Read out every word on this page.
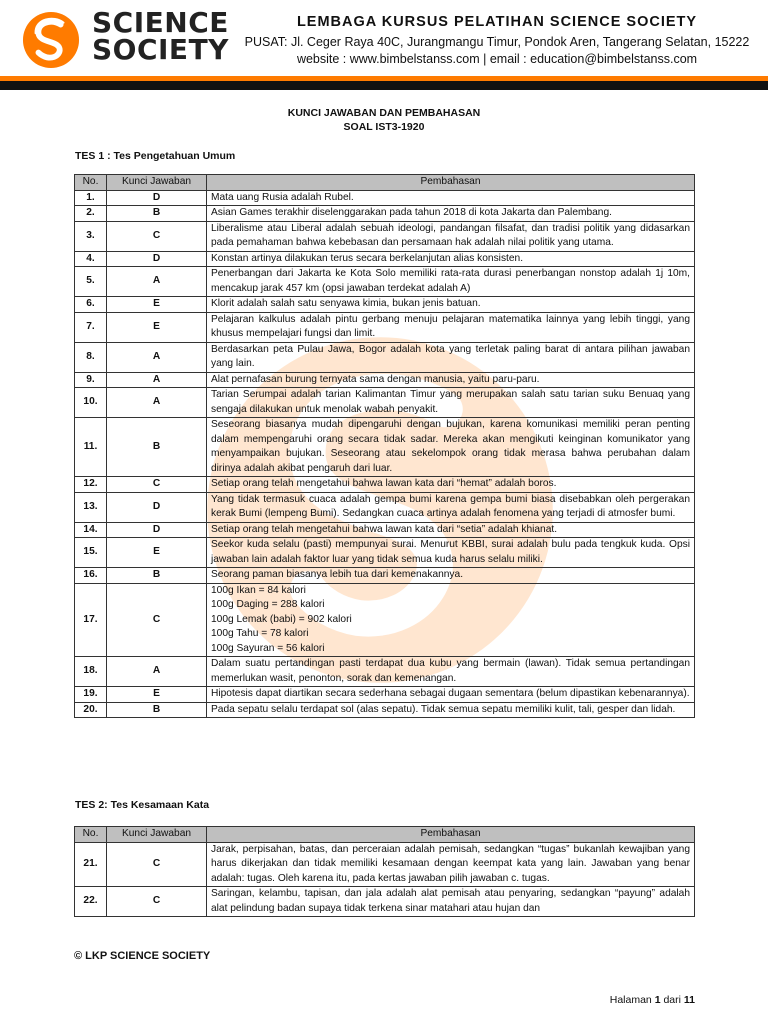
SCIENCE
SOCIETY
LEMBAGA KURSUS PELATIHAN SCIENCE SOCIETY
PUSAT: Jl. Ceger Raya 40C, Jurangmangu Timur, Pondok Aren, Tangerang Selatan, 15222
website : www.bimbelstanss.com | email : education@bimbelstanss.com
KUNCI JAWABAN DAN PEMBAHASAN
SOAL IST3-1920
TES 1 : Tes Pengetahuan Umum
No.	Kunci Jawaban	Pembahasan
1.	D	Mata uang Rusia adalah Rubel.
2.	B	Asian Games terakhir diselenggarakan pada tahun 2018 di kota Jakarta dan Palembang.
3.	C	Liberalisme atau Liberal adalah sebuah ideologi, pandangan filsafat, dan tradisi politik yang didasarkan pada pemahaman bahwa kebebasan dan persamaan hak adalah nilai politik yang utama.
4.	D	Konstan artinya dilakukan terus secara berkelanjutan alias konsisten.
5.	A	Penerbangan dari Jakarta ke Kota Solo memiliki rata-rata durasi penerbangan nonstop adalah 1j 10m, mencakup jarak 457 km (opsi jawaban terdekat adalah A)
6.	E	Klorit adalah salah satu senyawa kimia, bukan jenis batuan.
7.	E	Pelajaran kalkulus adalah pintu gerbang menuju pelajaran matematika lainnya yang lebih tinggi, yang khusus mempelajari fungsi dan limit.
8.	A	Berdasarkan peta Pulau Jawa, Bogor adalah kota yang terletak paling barat di antara pilihan jawaban yang lain.
9.	A	Alat pernafasan burung ternyata sama dengan manusia, yaitu paru-paru.
10.	A	Tarian Serumpai adalah tarian Kalimantan Timur yang merupakan salah satu tarian suku Benuaq yang sengaja dilakukan untuk menolak wabah penyakit.
11.	B	Seseorang biasanya mudah dipengaruhi dengan bujukan, karena komunikasi memiliki peran penting dalam mempengaruhi orang secara tidak sadar. Mereka akan mengikuti keinginan komunikator yang menyampaikan bujukan. Seseorang atau sekelompok orang tidak merasa bahwa perubahan dalam dirinya adalah akibat pengaruh dari luar.
12.	C	Setiap orang telah mengetahui bahwa lawan kata dari “hemat” adalah boros.
13.	D	Yang tidak termasuk cuaca adalah gempa bumi karena gempa bumi biasa disebabkan oleh pergerakan kerak Bumi (lempeng Bumi). Sedangkan cuaca artinya adalah fenomena yang terjadi di atmosfer bumi.
14.	D	Setiap orang telah mengetahui bahwa lawan kata dari “setia” adalah khianat.
15.	E	Seekor kuda selalu (pasti) mempunyai surai. Menurut KBBI, surai adalah bulu pada tengkuk kuda. Opsi jawaban lain adalah faktor luar yang tidak semua kuda harus selalu miliki.
16.	B	Seorang paman biasanya lebih tua dari kemenakannya.
17.	C	100g Ikan = 84 kalori
100g Daging = 288 kalori
100g Lemak (babi) = 902 kalori
100g Tahu = 78 kalori
100g Sayuran = 56 kalori

18.	A	Dalam suatu pertandingan pasti terdapat dua kubu yang bermain (lawan). Tidak semua pertandingan memerlukan wasit, penonton, sorak dan kemenangan.
19.	E	Hipotesis dapat diartikan secara sederhana sebagai dugaan sementara (belum dipastikan kebenarannya).
20.	B	Pada sepatu selalu terdapat sol (alas sepatu). Tidak semua sepatu memiliki kulit, tali, gesper dan lidah.
TES 2: Tes Kesamaan Kata
No.	Kunci Jawaban	Pembahasan
21.	C	Jarak, perpisahan, batas, dan perceraian adalah pemisah, sedangkan “tugas” bukanlah kewajiban yang harus dikerjakan dan tidak memiliki kesamaan dengan keempat kata yang lain. Jawaban yang benar adalah: tugas. Oleh karena itu, pada kertas jawaban pilih jawaban c. tugas.
22.	C	Saringan, kelambu, tapisan, dan jala adalah alat pemisah atau penyaring, sedangkan “payung” adalah alat pelindung badan supaya tidak terkena sinar matahari atau hujan dan
© LKP SCIENCE SOCIETY
Halaman 1 dari 11
